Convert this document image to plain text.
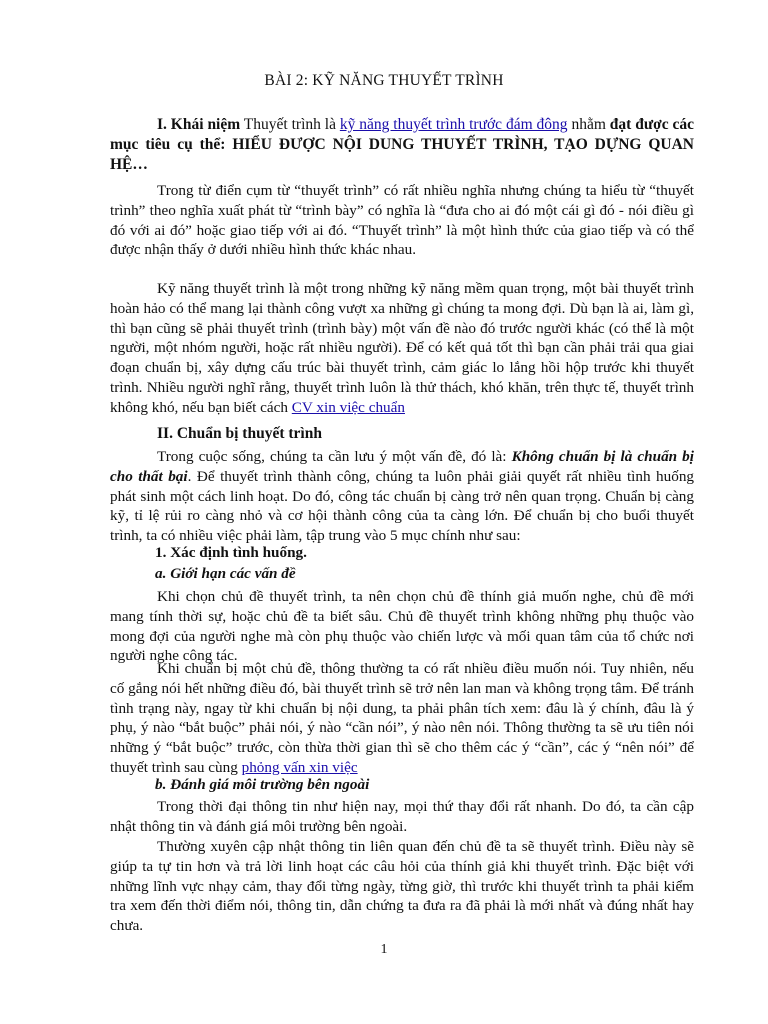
BÀI 2: KỸ NĂNG THUYẾT TRÌNH
I. Khái niệm Thuyết trình là kỹ năng thuyết trình trước đám đông nhằm đạt được các mục tiêu cụ thể: HIỂU ĐƯỢC NỘI DUNG THUYẾT TRÌNH, TẠO DỰNG QUAN HỆ…
Trong từ điển cụm từ “thuyết trình” có rất nhiều nghĩa nhưng chúng ta hiểu từ “thuyết trình” theo nghĩa xuất phát từ “trình bày” có nghĩa là “đưa cho ai đó một cái gì đó - nói điều gì đó với ai đó” hoặc giao tiếp với ai đó. “Thuyết trình” là một hình thức của giao tiếp và có thể được nhận thấy ở dưới nhiều hình thức khác nhau.
Kỹ năng thuyết trình là một trong những kỹ năng mềm quan trọng, một bài thuyết trình hoàn hảo có thể mang lại thành công vượt xa những gì chúng ta mong đợi. Dù bạn là ai, làm gì, thì bạn cũng sẽ phải thuyết trình (trình bày) một vấn đề nào đó trước người khác (có thể là một người, một nhóm người, hoặc rất nhiều người). Để có kết quả tốt thì bạn cần phải trải qua giai đoạn chuẩn bị, xây dựng cấu trúc bài thuyết trình, cảm giác lo lắng hồi hộp trước khi thuyết trình. Nhiều người nghĩ rằng, thuyết trình luôn là thử thách, khó khăn, trên thực tế, thuyết trình không khó, nếu bạn biết cách CV xin việc chuẩn
II. Chuẩn bị thuyết trình
Trong cuộc sống, chúng ta cần lưu ý một vấn đề, đó là: Không chuẩn bị là chuẩn bị cho thất bại. Để thuyết trình thành công, chúng ta luôn phải giải quyết rất nhiều tình huống phát sinh một cách linh hoạt. Do đó, công tác chuẩn bị càng trở nên quan trọng. Chuẩn bị càng kỹ, tỉ lệ rủi ro càng nhỏ và cơ hội thành công của ta càng lớn. Để chuẩn bị cho buổi thuyết trình, ta có nhiều việc phải làm, tập trung vào 5 mục chính như sau:
1. Xác định tình huống.
a. Giới hạn các vấn đề
Khi chọn chủ đề thuyết trình, ta nên chọn chủ đề thính giả muốn nghe, chủ đề mới mang tính thời sự, hoặc chủ đề ta biết sâu. Chủ đề thuyết trình không những phụ thuộc vào mong đợi của người nghe mà còn phụ thuộc vào chiến lược và mối quan tâm của tổ chức nơi người nghe công tác.
Khi chuẩn bị một chủ đề, thông thường ta có rất nhiều điều muốn nói. Tuy nhiên, nếu cố gắng nói hết những điều đó, bài thuyết trình sẽ trở nên lan man và không trọng tâm. Để tránh tình trạng này, ngay từ khi chuẩn bị nội dung, ta phải phân tích xem: đâu là ý chính, đâu là ý phụ, ý nào “bắt buộc” phải nói, ý nào “cần nói”, ý nào nên nói. Thông thường ta sẽ ưu tiên nói những ý “bắt buộc” trước, còn thừa thời gian thì sẽ cho thêm các ý “cần”, các ý “nên nói” để thuyết trình sau cùng phỏng vấn xin việc
b. Đánh giá môi trường bên ngoài
Trong thời đại thông tin như hiện nay, mọi thứ thay đổi rất nhanh. Do đó, ta cần cập nhật thông tin và đánh giá môi trường bên ngoài.
Thường xuyên cập nhật thông tin liên quan đến chủ đề ta sẽ thuyết trình. Điều này sẽ giúp ta tự tin hơn và trả lời linh hoạt các câu hỏi của thính giả khi thuyết trình. Đặc biệt với những lĩnh vực nhạy cảm, thay đổi từng ngày, từng giờ, thì trước khi thuyết trình ta phải kiểm tra xem đến thời điểm nói, thông tin, dẫn chứng ta đưa ra đã phải là mới nhất và đúng nhất hay chưa.
1
